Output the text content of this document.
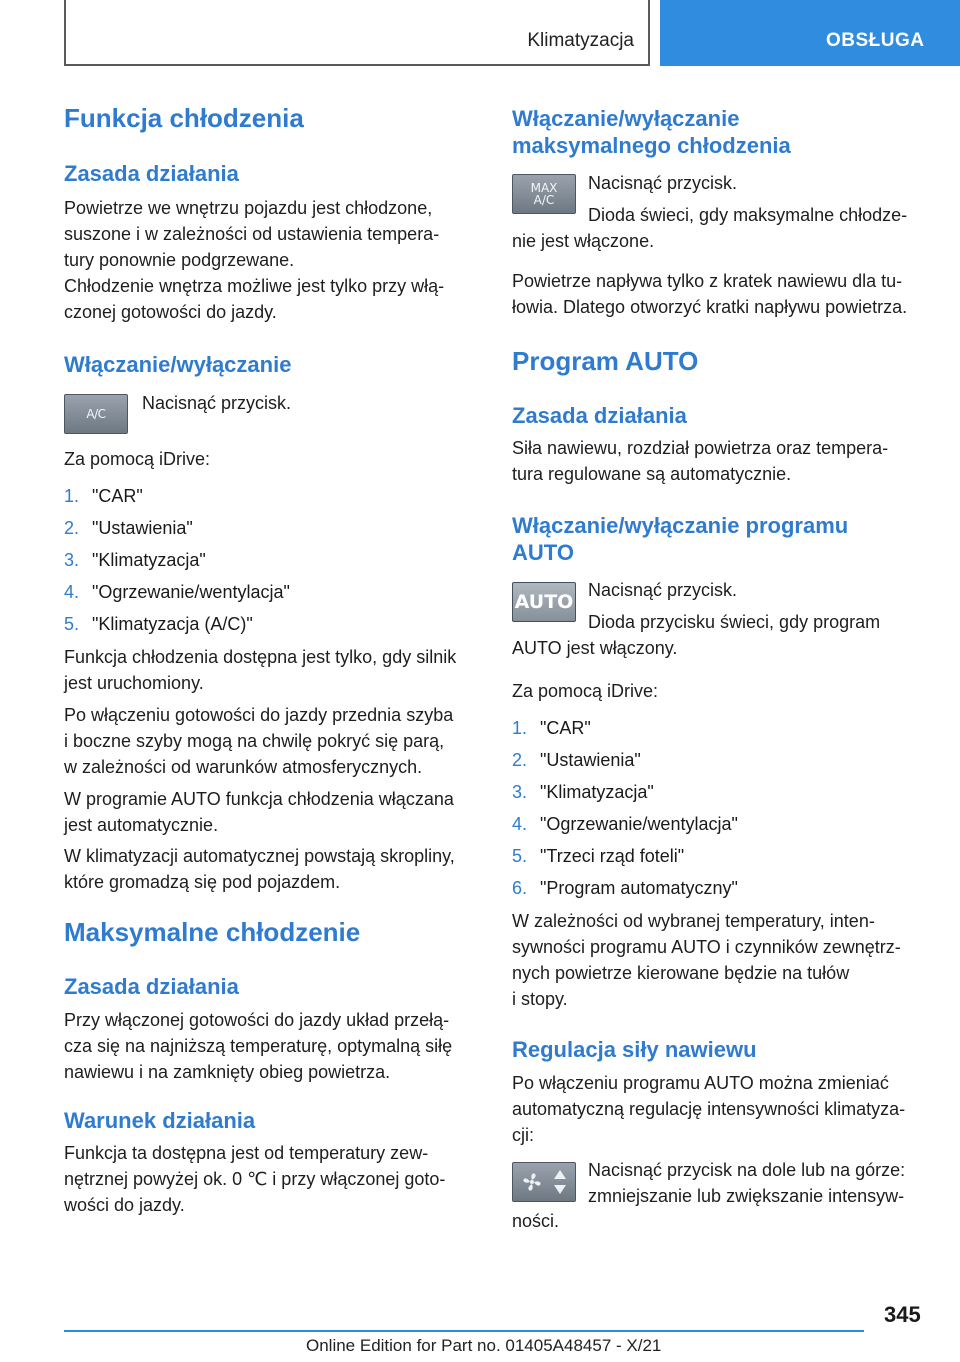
Klimatyzacja	OBSŁUGA
Funkcja chłodzenia
Zasada działania
Powietrze we wnętrzu pojazdu jest chłodzone,
suszone i w zależności od ustawienia tempera-
tury ponownie podgrzewane.
Chłodzenie wnętrza możliwe jest tylko przy włą-
czonej gotowości do jazdy.
Włączanie/wyłączanie
A/C
Nacisnąć przycisk.
Za pomocą iDrive:
1. "CAR"
2. "Ustawienia"
3. "Klimatyzacja"
4. "Ogrzewanie/wentylacja"
5. "Klimatyzacja (A/C)"
Funkcja chłodzenia dostępna jest tylko, gdy silnik
jest uruchomiony.
Po włączeniu gotowości do jazdy przednia szyba
i boczne szyby mogą na chwilę pokryć się parą,
w zależności od warunków atmosferycznych.
W programie AUTO funkcja chłodzenia włączana
jest automatycznie.
W klimatyzacji automatycznej powstają skropliny,
które gromadzą się pod pojazdem.
Maksymalne chłodzenie
Zasada działania
Przy włączonej gotowości do jazdy układ przełą-
cza się na najniższą temperaturę, optymalną siłę
nawiewu i na zamknięty obieg powietrza.
Warunek działania
Funkcja ta dostępna jest od temperatury zew-
nętrznej powyżej ok. 0 ℃ i przy włączonej goto-
wości do jazdy.
Włączanie/wyłączanie
maksymalnego chłodzenia
MAX
A/C
Nacisnąć przycisk.
Dioda świeci, gdy maksymalne chłodze-
nie jest włączone.
Powietrze napływa tylko z kratek nawiewu dla tu-
łowia. Dlatego otworzyć kratki napływu powietrza.
Program AUTO
Zasada działania
Siła nawiewu, rozdział powietrza oraz tempera-
tura regulowane są automatycznie.
Włączanie/wyłączanie programu
AUTO
AUTO
Nacisnąć przycisk.
Dioda przycisku świeci, gdy program
AUTO jest włączony.
Za pomocą iDrive:
1. "CAR"
2. "Ustawienia"
3. "Klimatyzacja"
4. "Ogrzewanie/wentylacja"
5. "Trzeci rząd foteli"
6. "Program automatyczny"
W zależności od wybranej temperatury, inten-
sywności programu AUTO i czynników zewnętrz-
nych powietrze kierowane będzie na tułów
i stopy.
Regulacja siły nawiewu
Po włączeniu programu AUTO można zmieniać
automatyczną regulację intensywności klimatyza-
cji:
Nacisnąć przycisk na dole lub na górze:
zmniejszanie lub zwiększanie intensyw-
ności.
345
Online Edition for Part no. 01405A48457 - X/21
